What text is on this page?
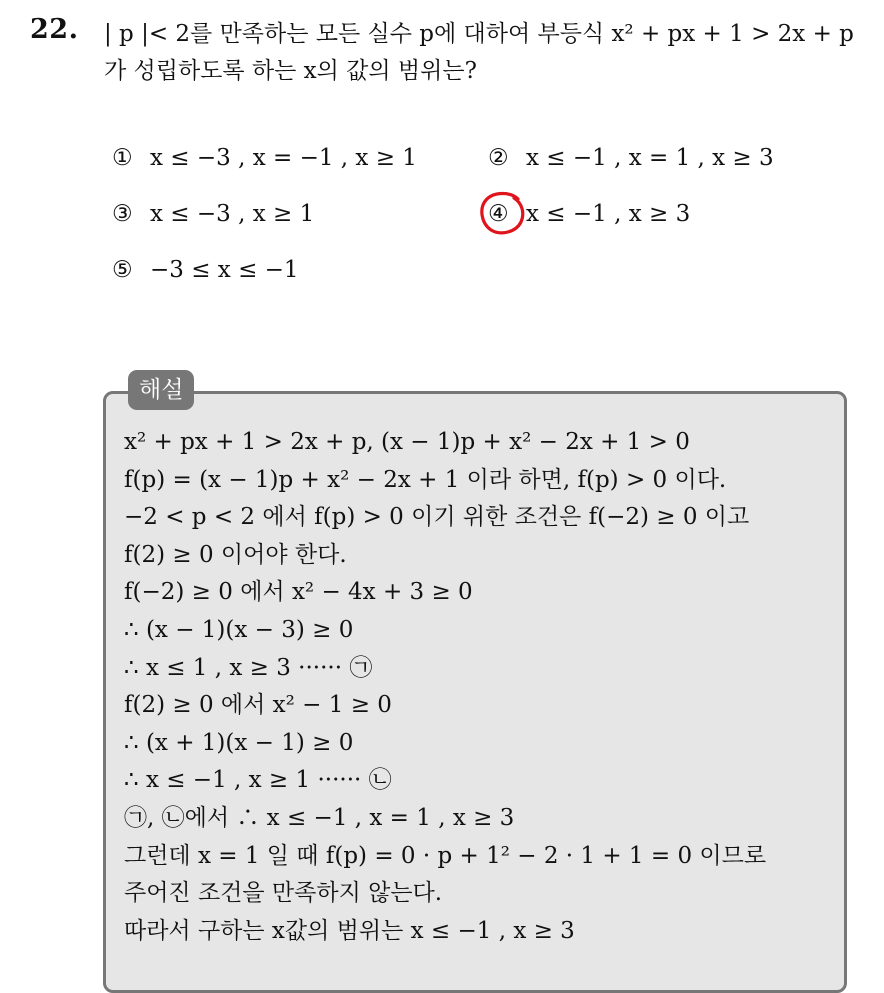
22. | p |< 2를 만족하는 모든 실수 p에 대하여 부등식 x² + px + 1 > 2x + p
가 성립하도록 하는 x의 값의 범위는?
① x ≤ −3 , x = −1 , x ≥ 1	② x ≤ −1 , x = 1 , x ≥ 3
③ x ≤ −3 , x ≥ 1	④ x ≤ −1 , x ≥ 3
⑤ −3 ≤ x ≤ −1
해설
x² + px + 1 > 2x + p, (x − 1)p + x² − 2x + 1 > 0
f(p) = (x − 1)p + x² − 2x + 1 이라 하면, f(p) > 0 이다.
−2 < p < 2 에서 f(p) > 0 이기 위한 조건은 f(−2) ≥ 0 이고
f(2) ≥ 0 이어야 한다.
f(−2) ≥ 0 에서 x² − 4x + 3 ≥ 0
∴ (x − 1)(x − 3) ≥ 0
∴ x ≤ 1 , x ≥ 3 ······ ㉠
f(2) ≥ 0 에서 x² − 1 ≥ 0
∴ (x + 1)(x − 1) ≥ 0
∴ x ≤ −1 , x ≥ 1 ······ ㉡
㉠, ㉡에서 ∴ x ≤ −1 , x = 1 , x ≥ 3
그런데 x = 1 일 때 f(p) = 0 · p + 1² − 2 · 1 + 1 = 0 이므로
주어진 조건을 만족하지 않는다.
따라서 구하는 x값의 범위는 x ≤ −1 , x ≥ 3
